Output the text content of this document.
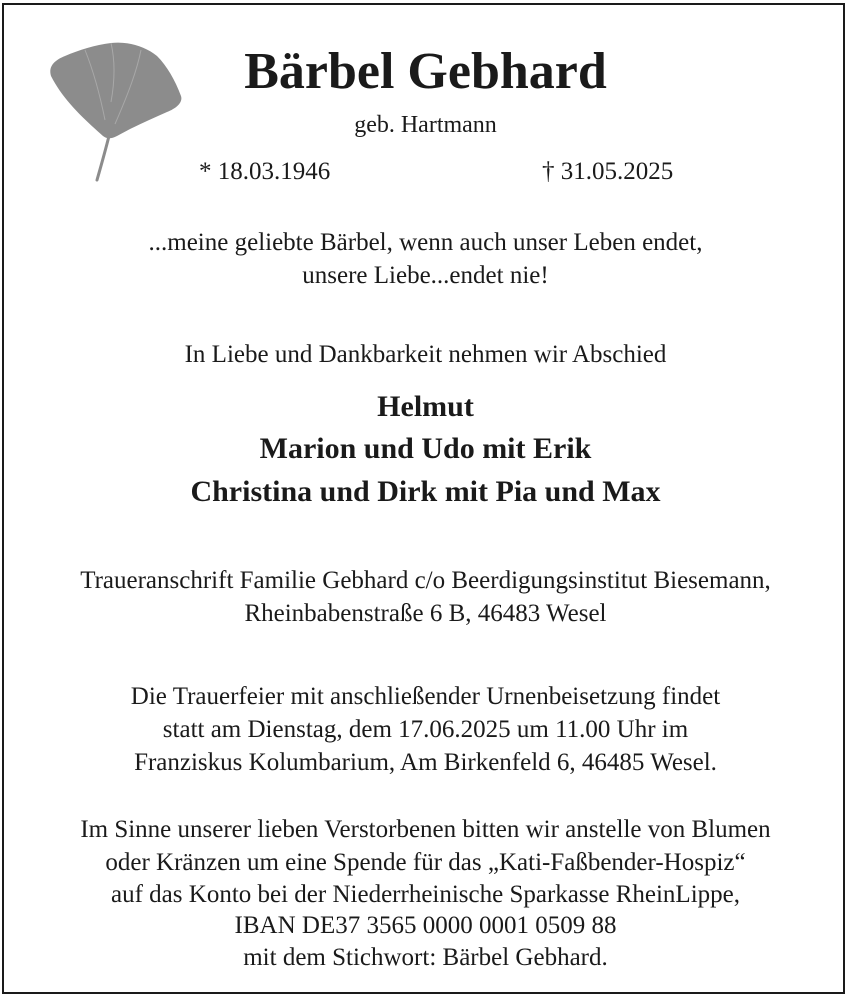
Bärbel Gebhard
geb. Hartmann
* 18.03.1946	† 31.05.2025
...meine geliebte Bärbel, wenn auch unser Leben endet,
unsere Liebe...endet nie!
In Liebe und Dankbarkeit nehmen wir Abschied
Helmut
Marion und Udo mit Erik
Christina und Dirk mit Pia und Max
Traueranschrift Familie Gebhard c/o Beerdigungsinstitut Biesemann,
Rheinbabenstraße 6 B, 46483 Wesel
Die Trauerfeier mit anschließender Urnenbeisetzung findet
statt am Dienstag, dem 17.06.2025 um 11.00 Uhr im
Franziskus Kolumbarium, Am Birkenfeld 6, 46485 Wesel.
Im Sinne unserer lieben Verstorbenen bitten wir anstelle von Blumen
oder Kränzen um eine Spende für das „Kati-Faßbender-Hospiz“
auf das Konto bei der Niederrheinische Sparkasse RheinLippe,
IBAN DE37 3565 0000 0001 0509 88
mit dem Stichwort: Bärbel Gebhard.
